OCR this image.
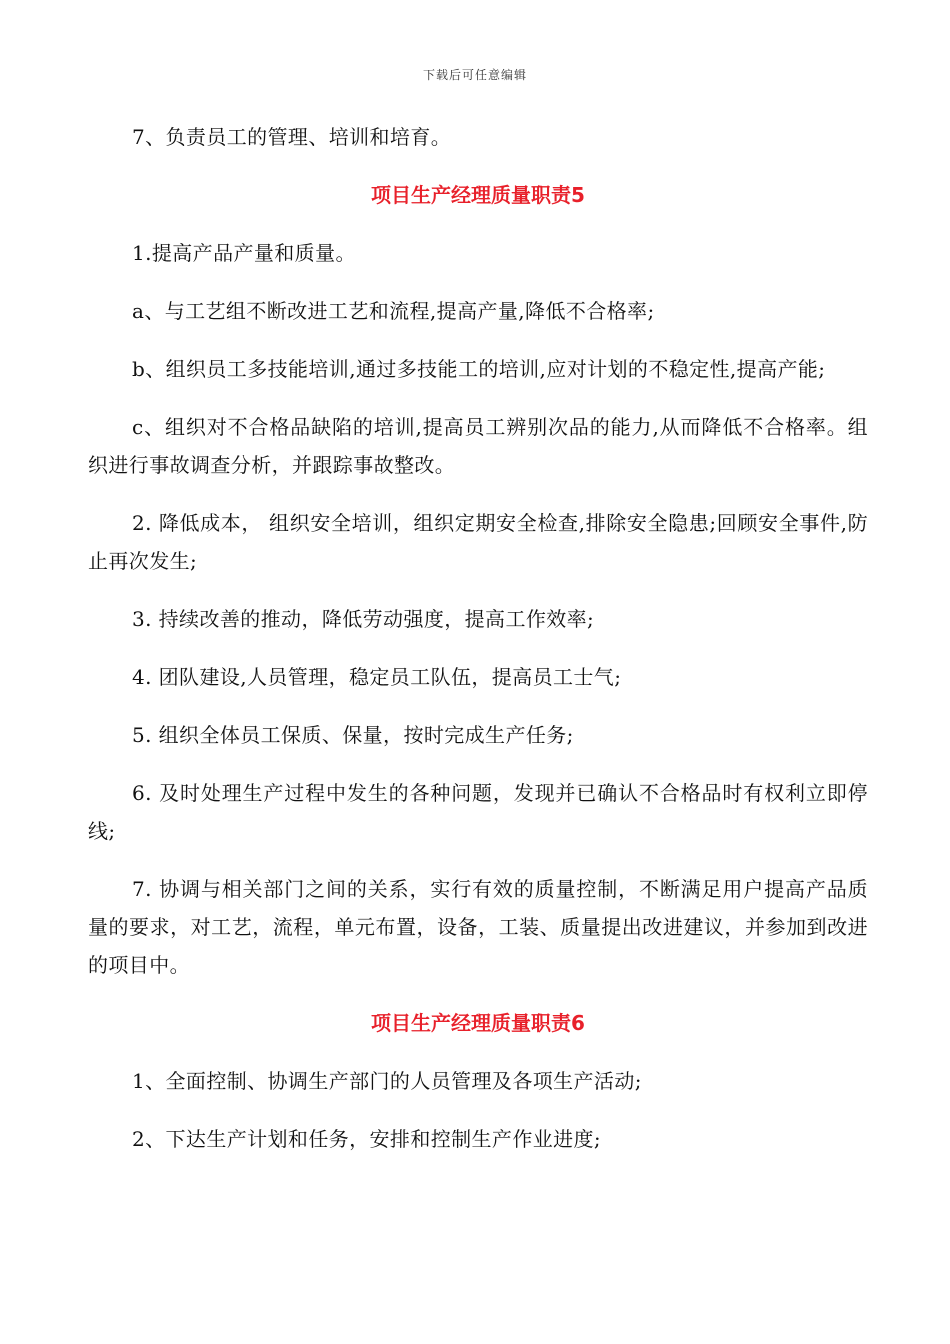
下载后可任意编辑

7、负责员工的管理、培训和培育。

项目生产经理质量职责5

1.提高产品产量和质量。

a、与工艺组不断改进工艺和流程,提高产量,降低不合格率;

b、组织员工多技能培训,通过多技能工的培训,应对计划的不稳定性,提高产能;

c、组织对不合格品缺陷的培训,提高员工辨别次品的能力,从而降低不合格率。组织进行事故调查分析，并跟踪事故整改。

2. 降低成本， 组织安全培训，组织定期安全检查,排除安全隐患;回顾安全事件,防止再次发生;

3. 持续改善的推动，降低劳动强度，提高工作效率;

4. 团队建设,人员管理，稳定员工队伍，提高员工士气;

5. 组织全体员工保质、保量，按时完成生产任务;

6. 及时处理生产过程中发生的各种问题，发现并已确认不合格品时有权利立即停线;

7. 协调与相关部门之间的关系，实行有效的质量控制，不断满足用户提高产品质量的要求，对工艺，流程，单元布置，设备，工装、质量提出改进建议，并参加到改进的项目中。

项目生产经理质量职责6

1、全面控制、协调生产部门的人员管理及各项生产活动;

2、下达生产计划和任务，安排和控制生产作业进度;
